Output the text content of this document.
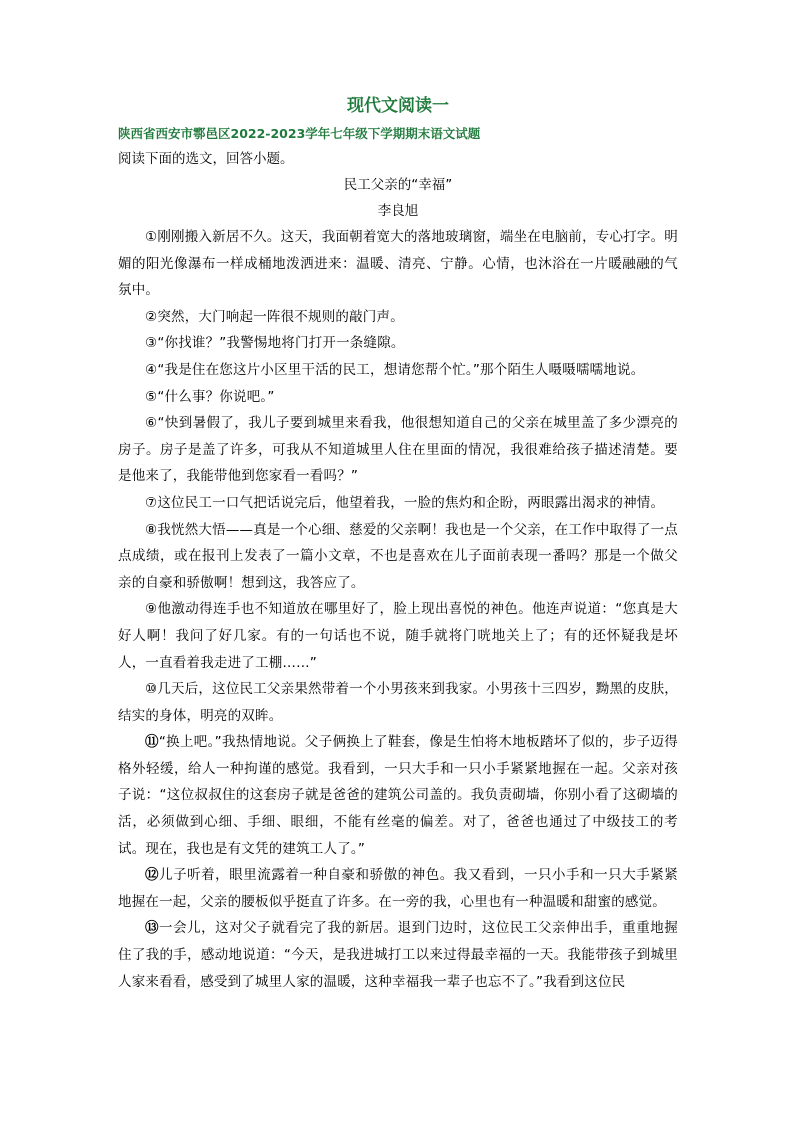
现代文阅读一

陕西省西安市鄠邑区2022-2023学年七年级下学期期末语文试题

阅读下面的选文，回答小题。

民工父亲的“幸福”

李良旭

①刚刚搬入新居不久。这天，我面朝着宽大的落地玻璃窗，端坐在电脑前，专心打字。明媚的阳光像瀑布一样成桶地泼洒进来：温暖、清亮、宁静。心情，也沐浴在一片暖融融的气氛中。

②突然，大门响起一阵很不规则的敲门声。

③“你找谁？”我警惕地将门打开一条缝隙。

④“我是住在您这片小区里干活的民工，想请您帮个忙。”那个陌生人嗫嗫嚅嚅地说。

⑤“什么事？你说吧。”

⑥“快到暑假了，我儿子要到城里来看我，他很想知道自己的父亲在城里盖了多少漂亮的房子。房子是盖了许多，可我从不知道城里人住在里面的情况，我很难给孩子描述清楚。要是他来了，我能带他到您家看一看吗？”

⑦这位民工一口气把话说完后，他望着我，一脸的焦灼和企盼，两眼露出渴求的神情。

⑧我恍然大悟——真是一个心细、慈爱的父亲啊！我也是一个父亲，在工作中取得了一点点成绩，或在报刊上发表了一篇小文章，不也是喜欢在儿子面前表现一番吗？那是一个做父亲的自豪和骄傲啊！想到这，我答应了。

⑨他激动得连手也不知道放在哪里好了，脸上现出喜悦的神色。他连声说道：“您真是大好人啊！我问了好几家。有的一句话也不说，随手就将门咣地关上了；有的还怀疑我是坏人，一直看着我走进了工棚……”

⑩几天后，这位民工父亲果然带着一个小男孩来到我家。小男孩十三四岁，黝黑的皮肤，结实的身体，明亮的双眸。

⑪“换上吧。”我热情地说。父子俩换上了鞋套，像是生怕将木地板踏坏了似的，步子迈得格外轻缓，给人一种拘谨的感觉。我看到，一只大手和一只小手紧紧地握在一起。父亲对孩子说：“这位叔叔住的这套房子就是爸爸的建筑公司盖的。我负责砌墙，你别小看了这砌墙的活，必须做到心细、手细、眼细，不能有丝毫的偏差。对了，爸爸也通过了中级技工的考试。现在，我也是有文凭的建筑工人了。”

⑫儿子听着，眼里流露着一种自豪和骄傲的神色。我又看到，一只小手和一只大手紧紧地握在一起，父亲的腰板似乎挺直了许多。在一旁的我，心里也有一种温暖和甜蜜的感觉。

⑬一会儿，这对父子就看完了我的新居。退到门边时，这位民工父亲伸出手，重重地握住了我的手，感动地说道：“今天，是我进城打工以来过得最幸福的一天。我能带孩子到城里人家来看看，感受到了城里人家的温暖，这种幸福我一辈子也忘不了。”我看到这位民
